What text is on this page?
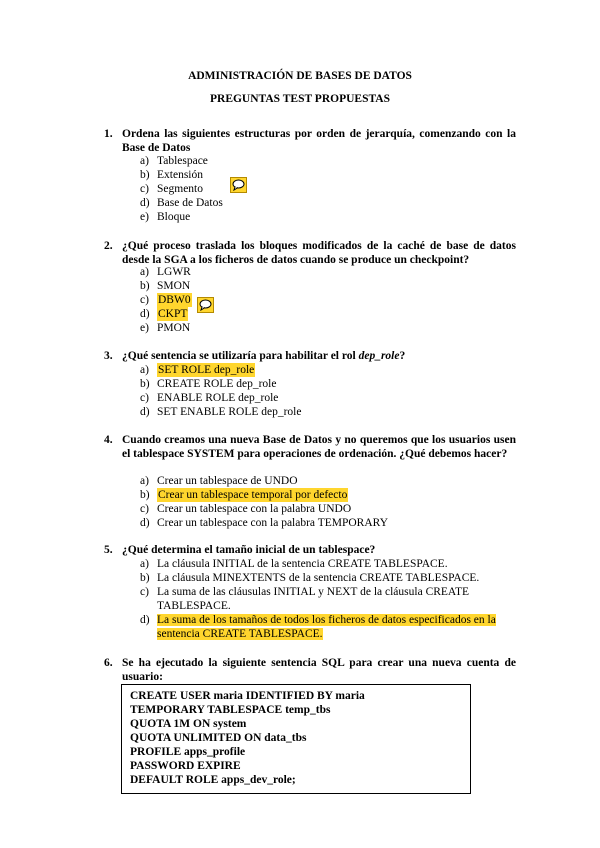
ADMINISTRACIÓN DE BASES DE DATOS
PREGUNTAS TEST PROPUESTAS
1. Ordena las siguientes estructuras por orden de jerarquía, comenzando con la Base de Datos
a) Tablespace
b) Extensión
c) Segmento
d) Base de Datos
e) Bloque
2. ¿Qué proceso traslada los bloques modificados de la caché de base de datos desde la SGA a los ficheros de datos cuando se produce un checkpoint?
a) LGWR
b) SMON
c) DBW0
d) CKPT
e) PMON
3. ¿Qué sentencia se utilizaría para habilitar el rol dep_role?
a) SET ROLE dep_role
b) CREATE ROLE dep_role
c) ENABLE ROLE dep_role
d) SET ENABLE ROLE dep_role
4. Cuando creamos una nueva Base de Datos y no queremos que los usuarios usen el tablespace SYSTEM para operaciones de ordenación. ¿Qué debemos hacer?
a) Crear un tablespace de UNDO
b) Crear un tablespace temporal por defecto
c) Crear un tablespace con la palabra UNDO
d) Crear un tablespace con la palabra TEMPORARY
5. ¿Qué determina el tamaño inicial de un tablespace?
a) La cláusula INITIAL de la sentencia CREATE TABLESPACE.
b) La cláusula MINEXTENTS de la sentencia CREATE TABLESPACE.
c) La suma de las cláusulas INITIAL y NEXT de la cláusula CREATE TABLESPACE.
d) La suma de los tamaños de todos los ficheros de datos especificados en la sentencia CREATE TABLESPACE.
6. Se ha ejecutado la siguiente sentencia SQL para crear una nueva cuenta de usuario:
CREATE USER maria IDENTIFIED BY maria
TEMPORARY TABLESPACE temp_tbs
QUOTA 1M ON system
QUOTA UNLIMITED ON data_tbs
PROFILE apps_profile
PASSWORD EXPIRE
DEFAULT ROLE apps_dev_role;
